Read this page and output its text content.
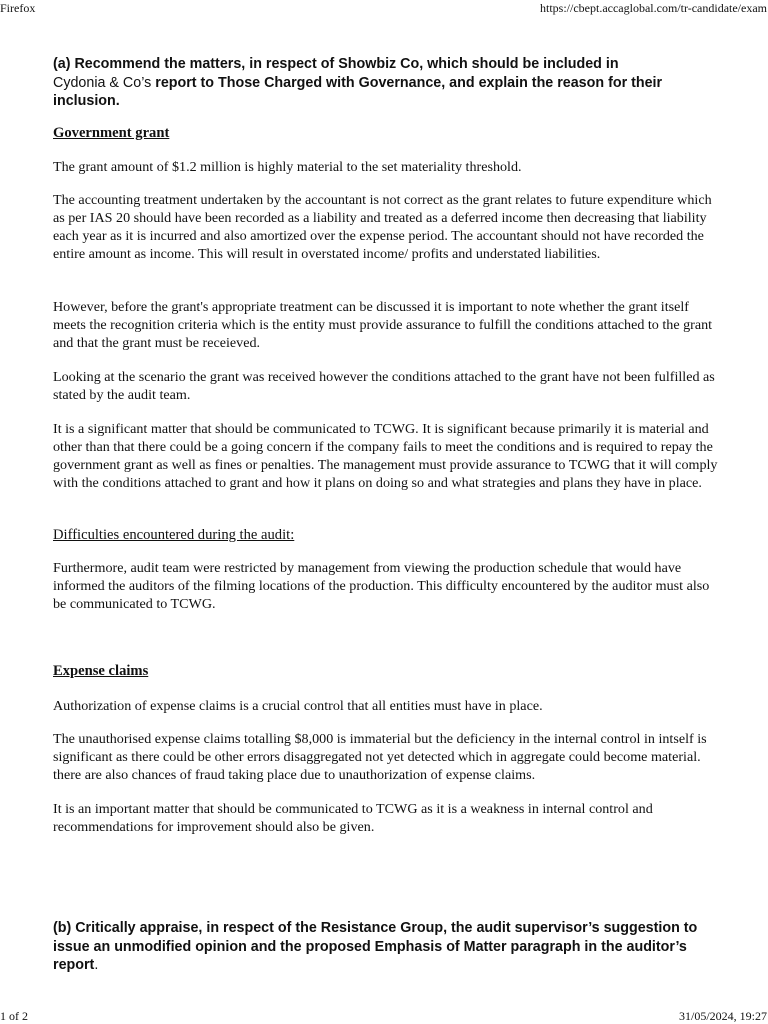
Firefox	https://cbept.accaglobal.com/tr-candidate/exam

(a) Recommend the matters, in respect of Showbiz Co, which should be included in
Cydonia & Co’s report to Those Charged with Governance, and explain the reason for their
inclusion.

Government grant

The grant amount of $1.2 million is highly material to the set materiality threshold.

The accounting treatment undertaken by the accountant is not correct as the grant relates to future expenditure which as per IAS 20 should have been recorded as a liability and treated as a deferred income then decreasing that liability each year as it is incurred and also amortized over the expense period. The accountant should not have recorded the entire amount as income. This will result in overstated income/ profits and understated liabilities.

However, before the grant's appropriate treatment can be discussed it is important to note whether the grant itself meets the recognition criteria which is the entity must provide assurance to fulfill the conditions attached to the grant and that the grant must be receieved.

Looking at the scenario the grant was received however the conditions attached to the grant have not been fulfilled as stated by the audit team.

It is a significant matter that should be communicated to TCWG. It is significant because primarily it is material and other than that there could be a going concern if the company fails to meet the conditions and is required to repay the government grant as well as fines or penalties. The management must provide assurance to TCWG that it will comply with the conditions attached to grant and how it plans on doing so and what strategies and plans they have in place.

Difficulties encountered during the audit:

Furthermore, audit team were restricted by management from viewing the production schedule that would have informed the auditors of the filming locations of the production. This difficulty encountered by the auditor must also be communicated to TCWG.

Expense claims

Authorization of expense claims is a crucial control that all entities must have in place.

The unauthorised expense claims totalling $8,000 is immaterial but the deficiency in the internal control in intself is significant as there could be other errors disaggregated not yet detected which in aggregate could become material. there are also chances of fraud taking place due to unauthorization of expense claims.

It is an important matter that should be communicated to TCWG as it is a weakness in internal control and recommendations for improvement should also be given.

(b) Critically appraise, in respect of the Resistance Group, the audit supervisor’s suggestion to issue an unmodified opinion and the proposed Emphasis of Matter paragraph in the auditor’s report.

1 of 2	31/05/2024, 19:27
